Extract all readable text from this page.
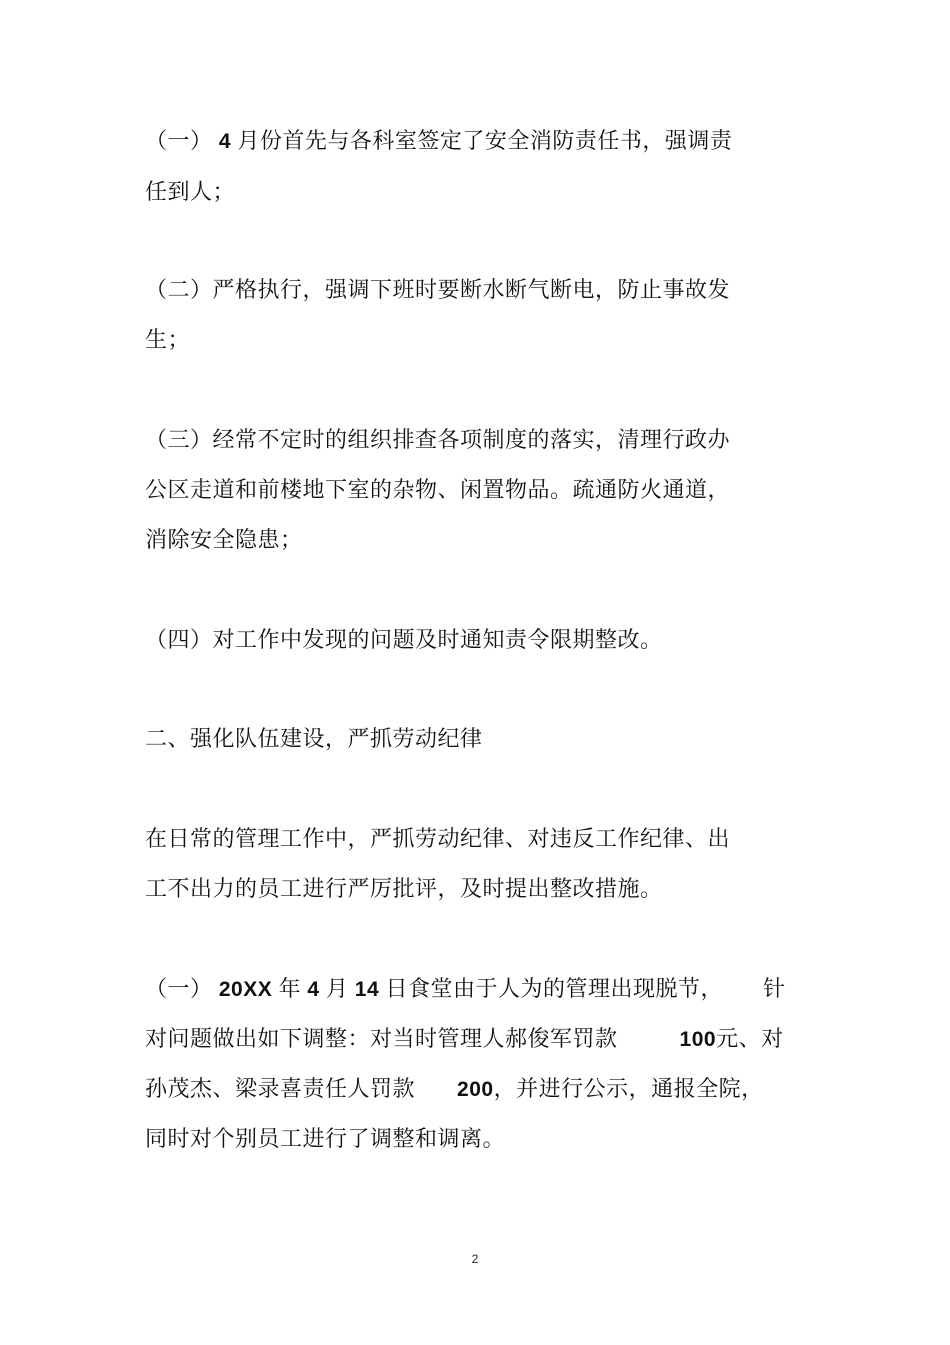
（一） 4 月份首先与各科室签定了安全消防责任书，强调责
任到人；
（二）严格执行，强调下班时要断水断气断电，防止事故发
生；
（三）经常不定时的组织排查各项制度的落实，清理行政办
公区走道和前楼地下室的杂物、闲置物品。疏通防火通道，
消除安全隐患；
（四）对工作中发现的问题及时通知责令限期整改。
二、强化队伍建设，严抓劳动纪律
在日常的管理工作中，严抓劳动纪律、对违反工作纪律、出
工不出力的员工进行严厉批评，及时提出整改措施。
（一） 20XX 年 4 月 14 日食堂由于人为的管理出现脱节， 针
对问题做出如下调整：对当时管理人郝俊军罚款	100元、对
孙茂杰、梁录喜责任人罚款 200，并进行公示，通报全院，
同时对个别员工进行了调整和调离。
2
